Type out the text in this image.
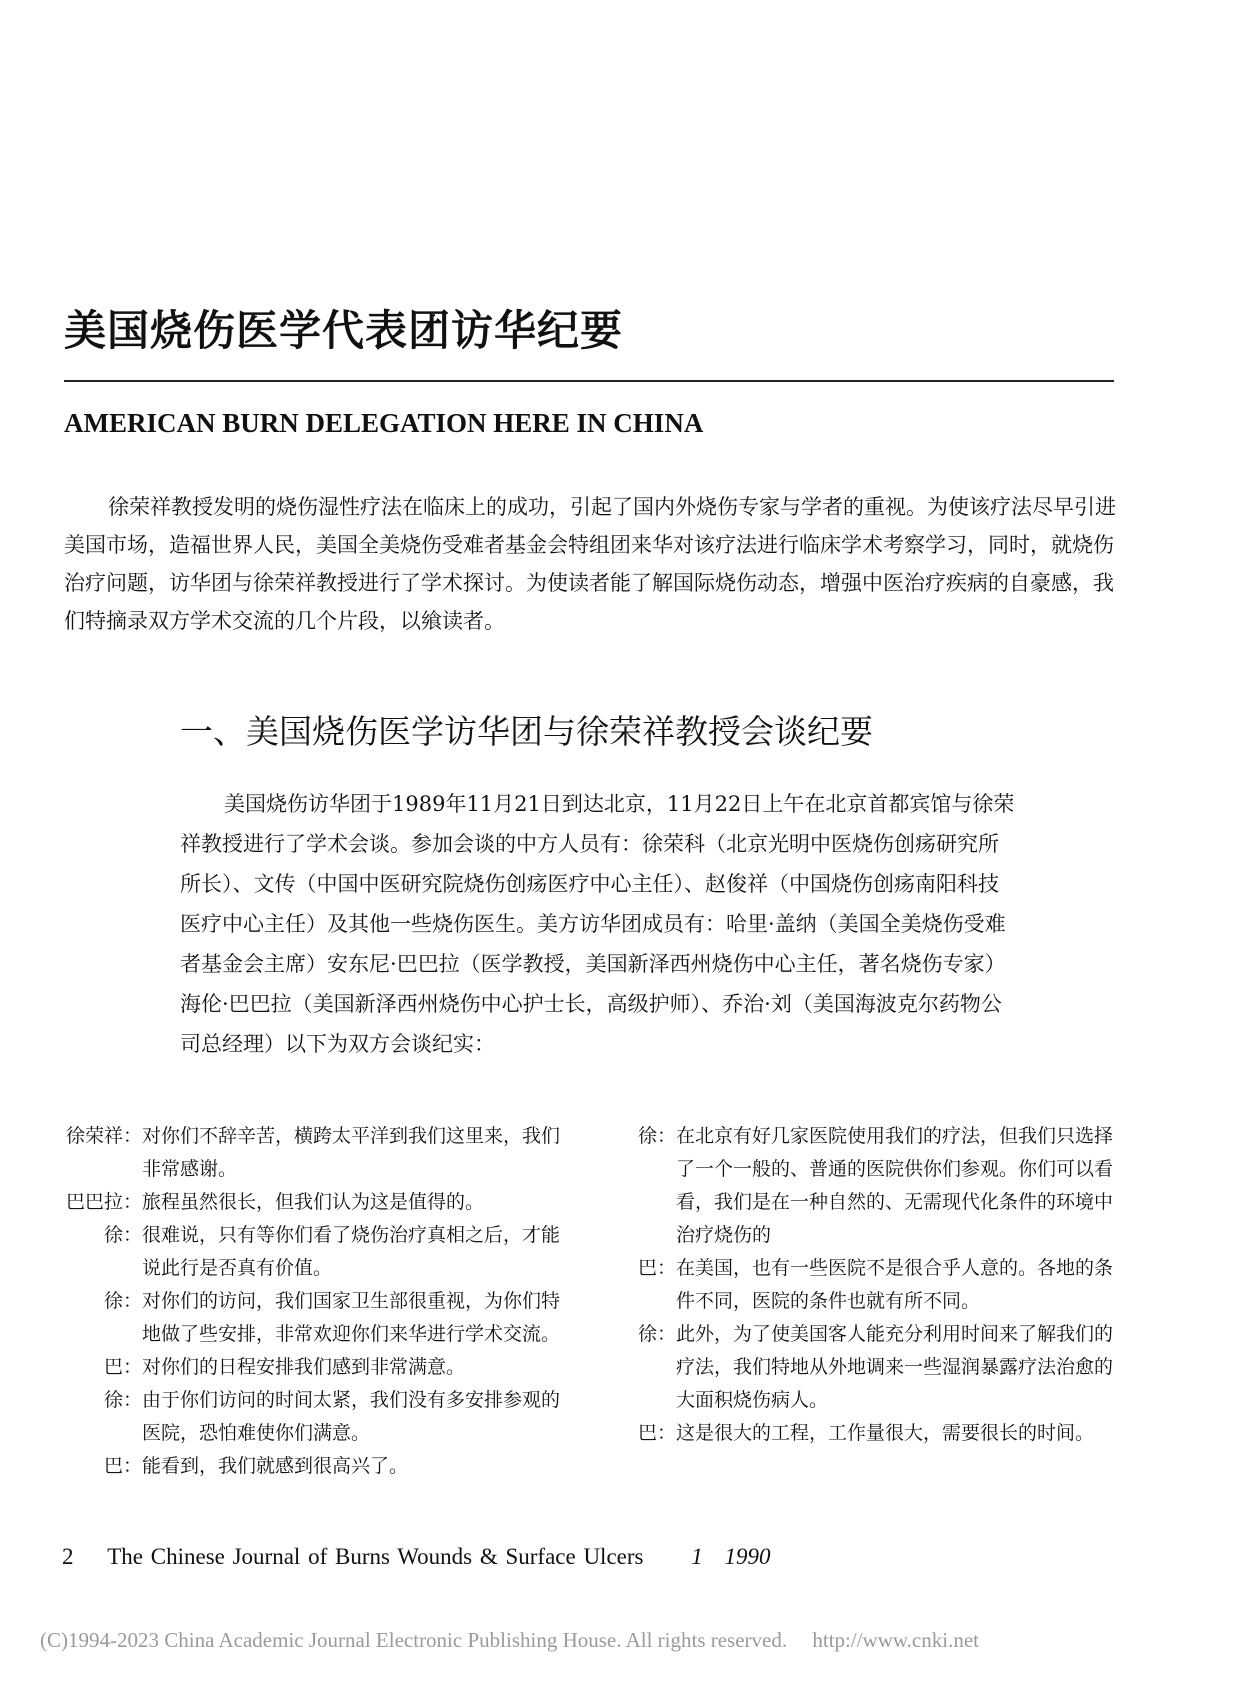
美国烧伤医学代表团访华纪要
AMERICAN BURN DELEGATION HERE IN CHINA

徐荣祥教授发明的烧伤湿性疗法在临床上的成功，引起了国内外烧伤专家与学者的重视。为使该疗法尽早引进美国市场，造福世界人民，美国全美烧伤受难者基金会特组团来华对该疗法进行临床学术考察学习，同时，就烧伤治疗问题，访华团与徐荣祥教授进行了学术探讨。为使读者能了解国际烧伤动态，增强中医治疗疾病的自豪感，我们特摘录双方学术交流的几个片段，以飨读者。

一、美国烧伤医学访华团与徐荣祥教授会谈纪要

美国烧伤访华团于1989年11月21日到达北京，11月22日上午在北京首都宾馆与徐荣祥教授进行了学术会谈。参加会谈的中方人员有：徐荣科（北京光明中医烧伤创疡研究所所长）、文传（中国中医研究院烧伤创疡医疗中心主任）、赵俊祥（中国烧伤创疡南阳科技医疗中心主任）及其他一些烧伤医生。美方访华团成员有：哈里·盖纳（美国全美烧伤受难者基金会主席）安东尼·巴巴拉（医学教授，美国新泽西州烧伤中心主任，著名烧伤专家）海伦·巴巴拉（美国新泽西州烧伤中心护士长，高级护师）、乔治·刘（美国海波克尔药物公司总经理）以下为双方会谈纪实：

徐荣祥： 对你们不辞辛苦，横跨太平洋到我们这里来，我们非常感谢。
巴巴拉： 旅程虽然很长，但我们认为这是值得的。
徐： 很难说，只有等你们看了烧伤治疗真相之后，才能说此行是否真有价值。
徐： 对你们的访问，我们国家卫生部很重视，为你们特地做了些安排，非常欢迎你们来华进行学术交流。
巴： 对你们的日程安排我们感到非常满意。
徐： 由于你们访问的时间太紧，我们没有多安排参观的医院，恐怕难使你们满意。
巴： 能看到，我们就感到很高兴了。
徐： 在北京有好几家医院使用我们的疗法，但我们只选择了一个一般的、普通的医院供你们参观。你们可以看看，我们是在一种自然的、无需现代化条件的环境中治疗烧伤的
巴： 在美国，也有一些医院不是很合乎人意的。各地的条件不同，医院的条件也就有所不同。
徐： 此外，为了使美国客人能充分利用时间来了解我们的疗法，我们特地从外地调来一些湿润暴露疗法治愈的大面积烧伤病人。
巴： 这是很大的工程，工作量很大，需要很长的时间。
2 The Chinese Journal of Burns Wounds & Surface Ulcers 1 1990
(C)1994-2023 China Academic Journal Electronic Publishing House. All rights reserved. http://www.cnki.net
